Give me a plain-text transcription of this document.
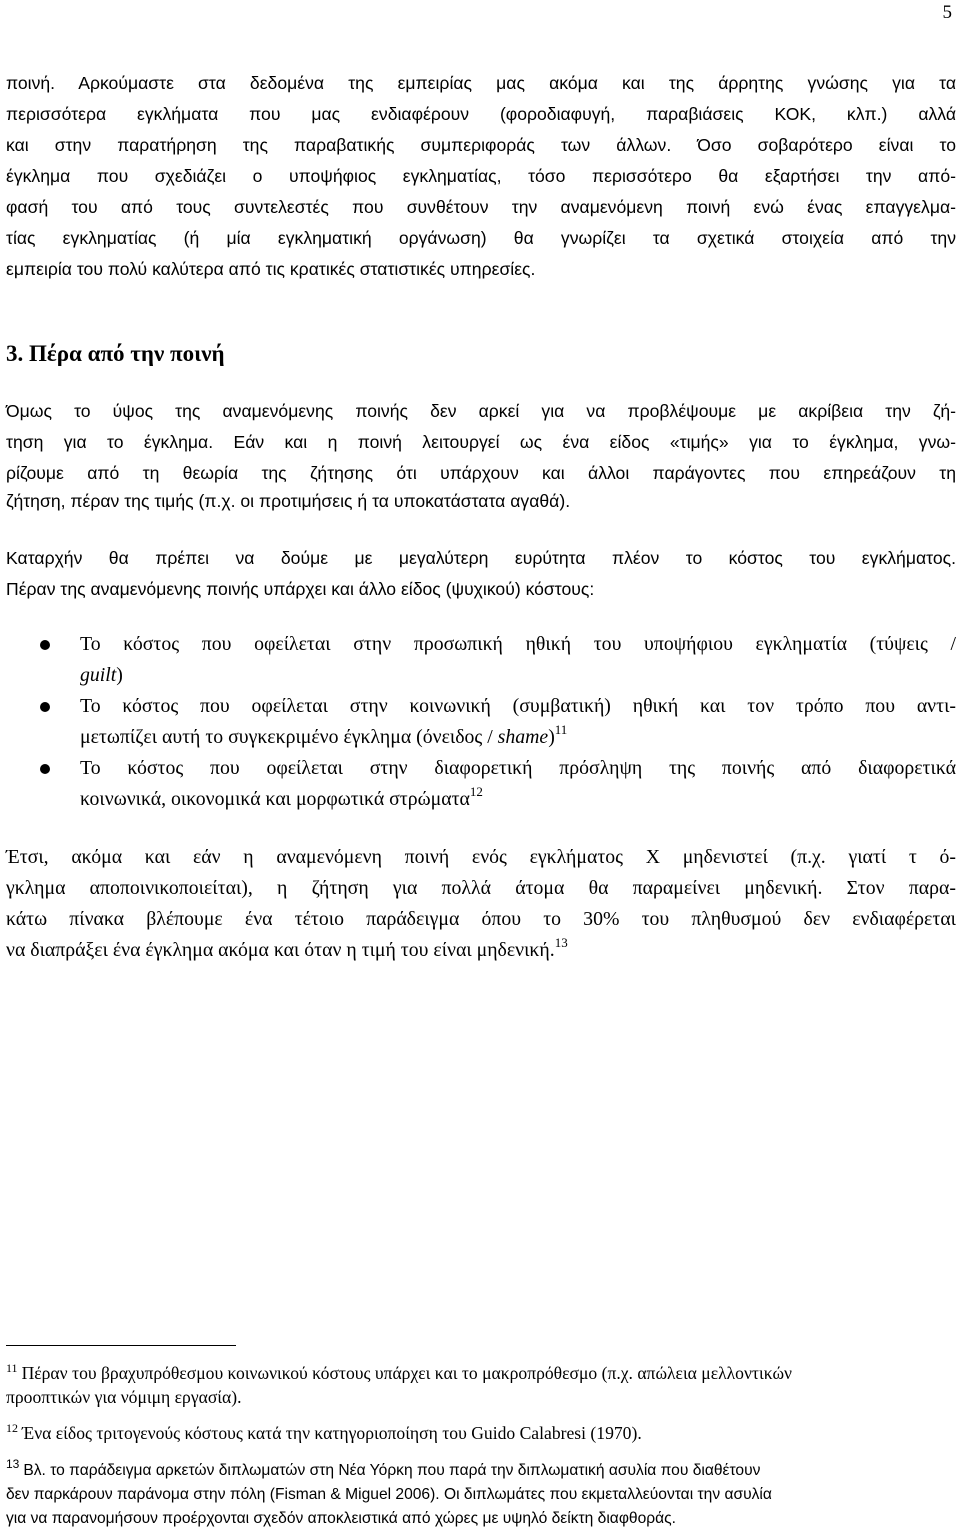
5
ποινή. Αρκούμαστε στα δεδομένα της εμπειρίας μας ακόμα και της άρρητης γνώσης για τα
περισσότερα εγκλήματα που μας ενδιαφέρουν (φοροδιαφυγή, παραβιάσεις ΚΟΚ, κλπ.) αλλά
και στην παρατήρηση της παραβατικής συμπεριφοράς των άλλων. Όσο σοβαρότερο είναι το
έγκλημα που σχεδιάζει ο υποψήφιος εγκληματίας, τόσο περισσότερο θα εξαρτήσει την από-
φασή του από τους συντελεστές που συνθέτουν την αναμενόμενη ποινή ενώ ένας επαγγελμα-
τίας εγκληματίας (ή μία εγκληματική οργάνωση) θα γνωρίζει τα σχετικά στοιχεία από την
εμπειρία του πολύ καλύτερα από τις κρατικές στατιστικές υπηρεσίες.
3. Πέρα από την ποινή
Όμως το ύψος της αναμενόμενης ποινής δεν αρκεί για να προβλέψουμε με ακρίβεια την ζή-
τηση για το έγκλημα. Εάν και η ποινή λειτουργεί ως ένα είδος «τιμής» για το έγκλημα, γνω-
ρίζουμε από τη θεωρία της ζήτησης ότι υπάρχουν και άλλοι παράγοντες που επηρεάζουν τη
ζήτηση, πέραν της τιμής (π.χ. οι προτιμήσεις ή τα υποκατάστατα αγαθά).
Καταρχήν θα πρέπει να δούμε με μεγαλύτερη ευρύτητα πλέον το κόστος του εγκλήματος.
Πέραν της αναμενόμενης ποινής υπάρχει και άλλο είδος (ψυχικού) κόστους:
Το κόστος που οφείλεται στην προσωπική ηθική του υποψήφιου εγκληματία (τύψεις /
guilt)
Το κόστος που οφείλεται στην κοινωνική (συμβατική) ηθική και τον τρόπο που αντι-
μετωπίζει αυτή το συγκεκριμένο έγκλημα (όνειδος / shame)$^{11}$
Το κόστος που οφείλεται στην διαφορετική πρόσληψη της ποινής από διαφορετικά
κοινωνικά, οικονομικά και μορφωτικά στρώματα$^{12}$
Έτσι, ακόμα και εάν η αναμενόμενη ποινή ενός εγκλήματος Χ μηδενιστεί (π.χ. γιατί τ ό-
γκλημα αποποινικοποιείται), η ζήτηση για πολλά άτομα θα παραμείνει μηδενική. Στον παρα-
κάτω πίνακα βλέπουμε ένα τέτοιο παράδειγμα όπου το 30% του πληθυσμού δεν ενδιαφέρεται
να διαπράξει ένα έγκλημα ακόμα και όταν η τιμή του είναι μηδενική.$^{13}$
$^{11}$ Πέραν του βραχυπρόθεσμου κοινωνικού κόστους υπάρχει και το μακροπρόθεσμο (π.χ. απώλεια μελλοντικών
προοπτικών για νόμιμη εργασία).
$^{12}$ Ένα είδος τριτογενούς κόστους κατά την κατηγοριοποίηση του Guido Calabresi (1970).
$^{13}$ Βλ. το παράδειγμα αρκετών διπλωματών στη Νέα Υόρκη που παρά την διπλωματική ασυλία που διαθέτουν
δεν παρκάρουν παράνομα στην πόλη (Fisman & Miguel 2006). Οι διπλωμάτες που εκμεταλλεύονται την ασυλία
για να παρανομήσουν προέρχονται σχεδόν αποκλειστικά από χώρες με υψηλό δείκτη διαφθοράς.
